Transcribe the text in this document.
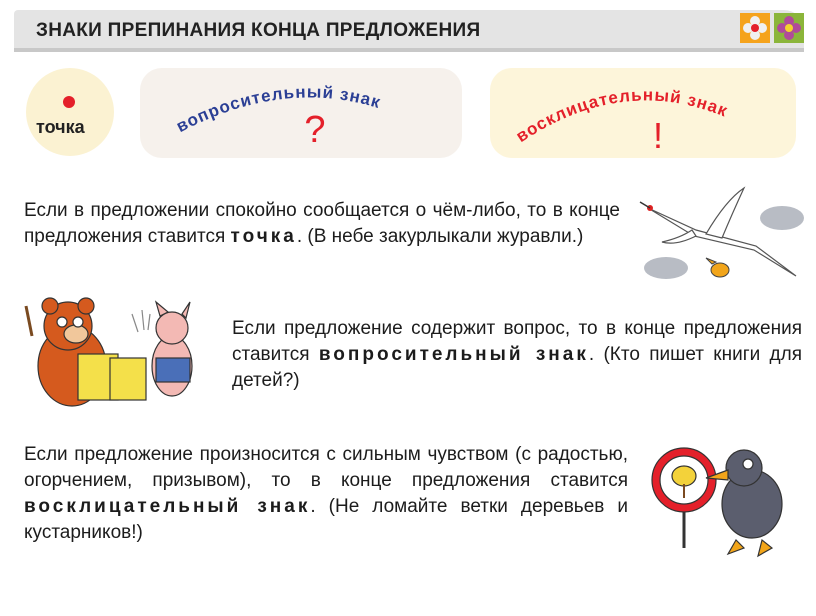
ЗНАКИ ПРЕПИНАНИЯ КОНЦА ПРЕДЛОЖЕНИЯ
точка	вопросительный знак
?	восклицательный знак
!
Если в предложении спокойно сообщается о чём-либо, то в конце предложения ставится точка. (В небе закурлыкали журавли.)
Если предложение содержит вопрос, то в конце предложения ставится вопросительный знак. (Кто пишет книги для детей?)
Если предложение произносится с сильным чувством (с радостью, огорчением, призывом), то в конце предложения ставится восклицательный знак. (Не ломайте ветки деревьев и кустарников!)
